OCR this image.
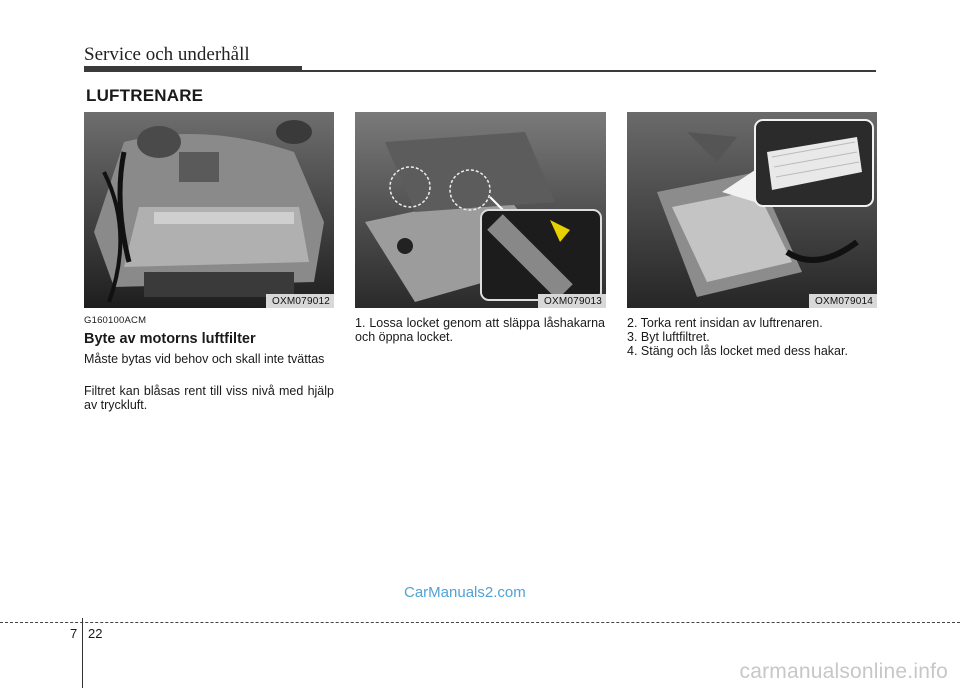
Service och underhåll
LUFTRENARE
OXM079012	OXM079013	OXM079014
G160100ACM
Byte av motorns luftfilter
Måste bytas vid behov och skall inte tvättas
Filtret kan blåsas rent till viss nivå med hjälp av tryckluft.
1. Lossa locket genom att släppa låshakarna och öppna locket.
2. Torka rent insidan av luftrenaren.
3. Byt luftfiltret.
4. Stäng och lås locket med dess hakar.
CarManuals2.com
7 22
carmanualsonline.info
